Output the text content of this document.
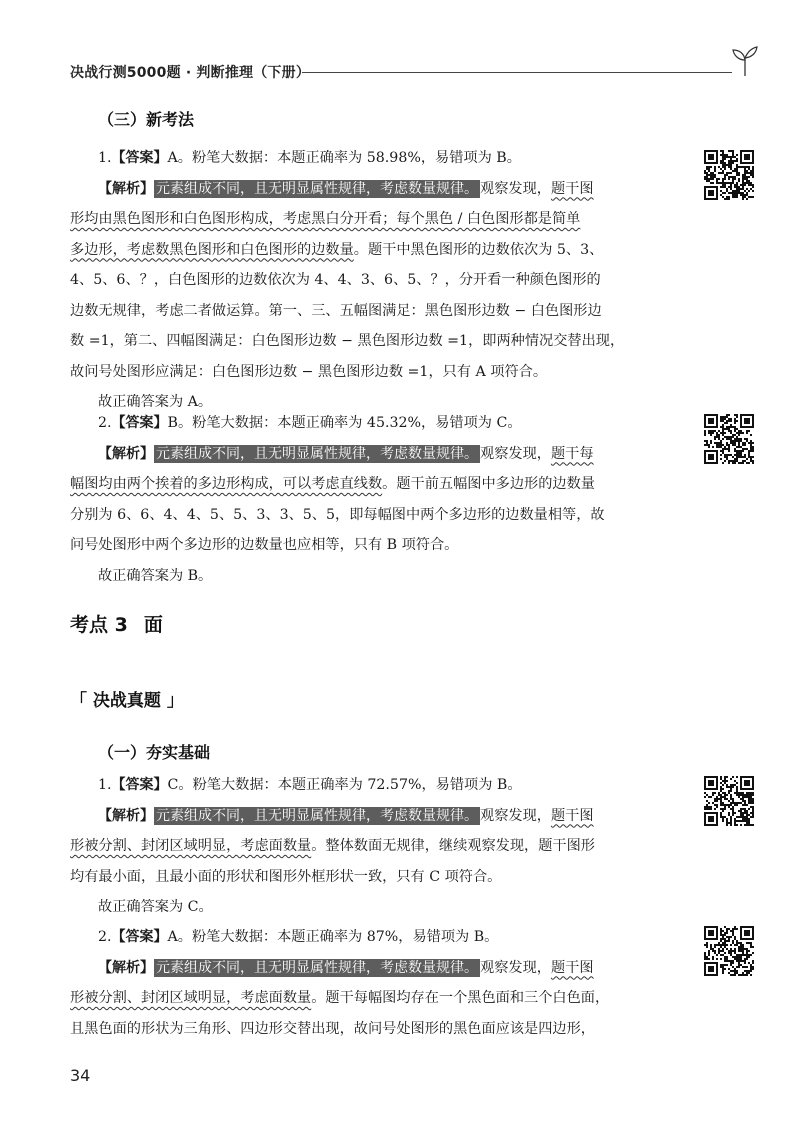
决战行测5000题 · 判断推理（下册）
（三）新考法
1.【答案】A。粉笔大数据：本题正确率为 58.98%，易错项为 B。
【解析】 元素组成不同，且无明显属性规律，考虑数量规律。 观察发现，题干图
形均由黑色图形和白色图形构成，考虑黑白分开看；每个黑色 / 白色图形都是简单
多边形，考虑数黑色图形和白色图形的边数量。题干中黑色图形的边数依次为 5、3、
4、5、6、？，白色图形的边数依次为 4、4、3、6、5、？，分开看一种颜色图形的
边数无规律，考虑二者做运算。第一、三、五幅图满足：黑色图形边数 − 白色图形边
数 =1，第二、四幅图满足：白色图形边数 − 黑色图形边数 =1，即两种情况交替出现，
故问号处图形应满足：白色图形边数 − 黑色图形边数 =1，只有 A 项符合。
故正确答案为 A。
2.【答案】B。粉笔大数据：本题正确率为 45.32%，易错项为 C。
【解析】 元素组成不同，且无明显属性规律，考虑数量规律。 观察发现，题干每
幅图均由两个挨着的多边形构成，可以考虑直线数。题干前五幅图中多边形的边数量
分别为 6、6、4、4、5、5、3、3、5、5，即每幅图中两个多边形的边数量相等，故
问号处图形中两个多边形的边数量也应相等，只有 B 项符合。
故正确答案为 B。
考点 3 面
「 决战真题 」
（一）夯实基础
1.【答案】C。粉笔大数据：本题正确率为 72.57%，易错项为 B。
【解析】 元素组成不同，且无明显属性规律，考虑数量规律。 观察发现，题干图
形被分割、封闭区域明显，考虑面数量。整体数面无规律，继续观察发现，题干图形
均有最小面，且最小面的形状和图形外框形状一致，只有 C 项符合。
故正确答案为 C。
2.【答案】A。粉笔大数据：本题正确率为 87%，易错项为 B。
【解析】 元素组成不同，且无明显属性规律，考虑数量规律。 观察发现，题干图
形被分割、封闭区域明显，考虑面数量。题干每幅图均存在一个黑色面和三个白色面，
且黑色面的形状为三角形、四边形交替出现，故问号处图形的黑色面应该是四边形，
34
